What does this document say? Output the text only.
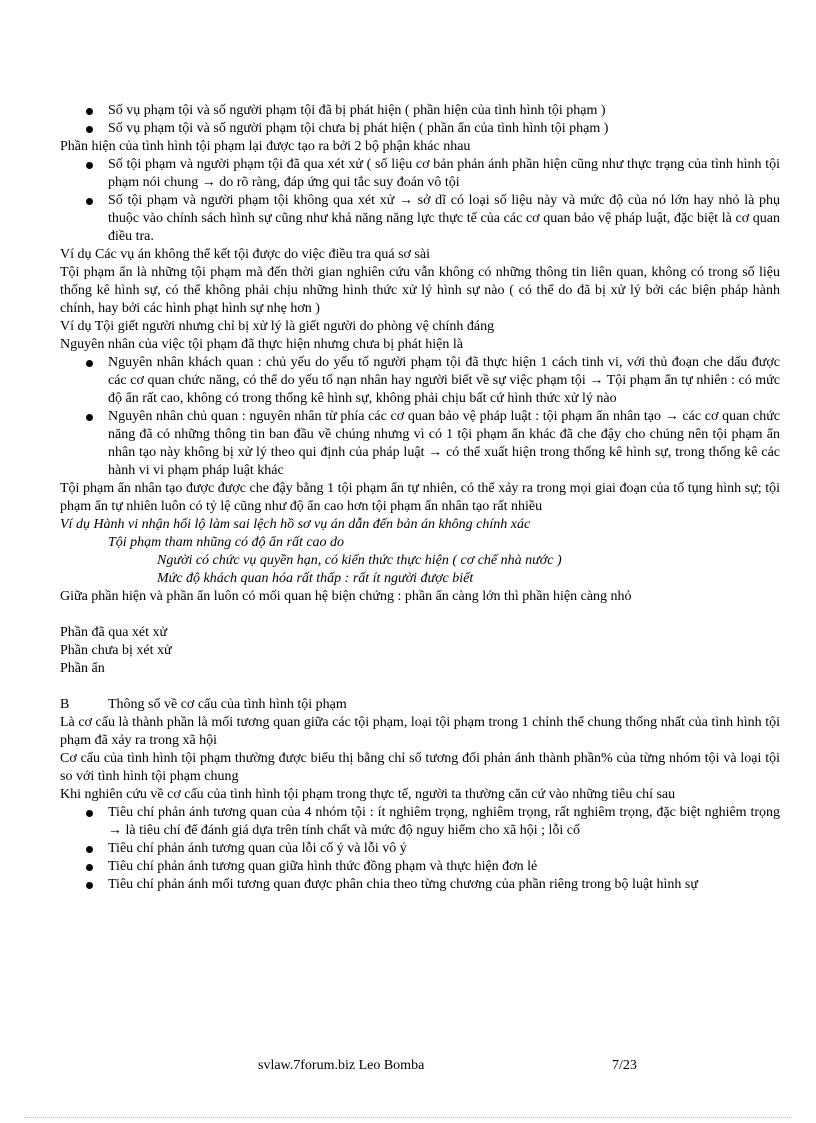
Số vụ phạm tội và số người phạm tội đã bị phát hiện ( phần hiện của tình hình tội phạm )
Số vụ phạm tội và số người phạm tội chưa bị phát hiện ( phần ẩn của tình hình tội phạm )

Phần hiện của tình hình tội phạm lại được tạo ra bởi 2 bộ phận khác nhau

Số tội phạm và người phạm tội đã qua xét xử ( số liệu cơ bản phản ánh phần hiện cũng như thực trạng của tình hình tội phạm nói chung → do rõ ràng, đáp ứng qui tắc suy đoán vô tội
Số tội phạm và người phạm tội không qua xét xử → sở dĩ có loại số liệu này và mức độ của nó lớn hay nhỏ là phụ thuộc vào chính sách hình sự cũng như khả năng năng lực thực tế của các cơ quan bảo vệ pháp luật, đặc biệt là cơ quan điều tra.

Ví dụ Các vụ án không thể kết tội được do việc điều tra quá sơ sài

Tội phạm ẩn là những tội phạm mà đến thời gian nghiên cứu vẫn không có những thông tin liên quan, không có trong số liệu thống kê hình sự, có thể không phải chịu những hình thức xử lý hình sự nào ( có thể do đã bị xử lý bởi các biện pháp hành chính, hay bởi các hình phạt hình sự nhẹ hơn )

Ví dụ Tội giết người nhưng chỉ bị xử lý là giết người do phòng vệ chính đáng

Nguyên nhân của việc tội phạm đã thực hiện nhưng chưa bị phát hiện là

Nguyên nhân khách quan : chủ yếu do yếu tố người phạm tội đã thực hiện 1 cách tinh vi, với thủ đoạn che dấu được các cơ quan chức năng, có thể do yếu tố nạn nhân hay người biết về sự việc phạm tội → Tội phạm ẩn tự nhiên : có mức độ ẩn rất cao, không có trong thống kê hình sự, không phải chịu bất cứ hình thức xử lý nào
Nguyên nhân chủ quan : nguyên nhân từ phía các cơ quan bảo vệ pháp luật : tội phạm ẩn nhân tạo → các cơ quan chức năng đã có những thông tin ban đầu về chúng nhưng vì có 1 tội phạm ẩn khác đã che đậy cho chúng nên tội phạm ẩn nhân tạo này không bị xử lý theo qui định của pháp luật → có thể xuất hiện trong thống kê hình sự, trong thống kê các hành vi vi phạm pháp luật khác

Tội phạm ẩn nhân tạo được được che đậy bằng 1 tội phạm ẩn tự nhiên, có thể xảy ra trong mọi giai đoạn của tố tụng hình sự; tội phạm ẩn tự nhiên luôn có tỷ lệ cũng như độ ẩn cao hơn tội phạm ẩn nhân tạo rất nhiều

Ví dụ Hành vi nhận hối lộ làm sai lệch hồ sơ vụ án dẫn đến bản án không chính xác

Tội phạm tham nhũng có độ ẩn rất cao do

Người có chức vụ quyền hạn, có kiến thức thực hiện ( cơ chế nhà nước )

Mức độ khách quan hóa rất thấp : rất ít người được biết

Giữa phần hiện và phần ẩn luôn có mối quan hệ biện chứng : phần ẩn càng lớn thì phần hiện càng nhỏ

Phần đã qua xét xử

Phần chưa bị xét xử

Phần ẩn

B	Thông số về cơ cấu của tình hình tội phạm

Là cơ cấu là thành phần là mối tương quan giữa các tội phạm, loại tội phạm trong 1 chỉnh thể chung thống nhất của tình hình tội phạm đã xảy ra trong xã hội

Cơ cấu của tình hình tội phạm thường được biểu thị bằng chỉ số tương đối phản ánh thành phần% của từng nhóm tội và loại tội so với tình hình tội phạm chung

Khi nghiên cứu về cơ cấu của tình hình tội phạm trong thực tế, người ta thường căn cứ vào những tiêu chí sau

Tiêu chí phản ánh tương quan của 4 nhóm tội : ít nghiêm trọng, nghiêm trọng, rất nghiêm trọng, đặc biệt nghiêm trọng → là tiêu chí để đánh giá dựa trên tính chất và mức độ nguy hiểm cho xã hội ; lỗi cố
Tiêu chí phản ánh tương quan của lỗi cố ý và lỗi vô ý
Tiêu chí phản ánh tương quan giữa hình thức đồng phạm và thực hiện đơn lẻ
Tiêu chí phản ánh mối tương quan được phân chia theo từng chương của phần riêng trong bộ luật hình sự
svlaw.7forum.biz Leo Bomba	7/23
